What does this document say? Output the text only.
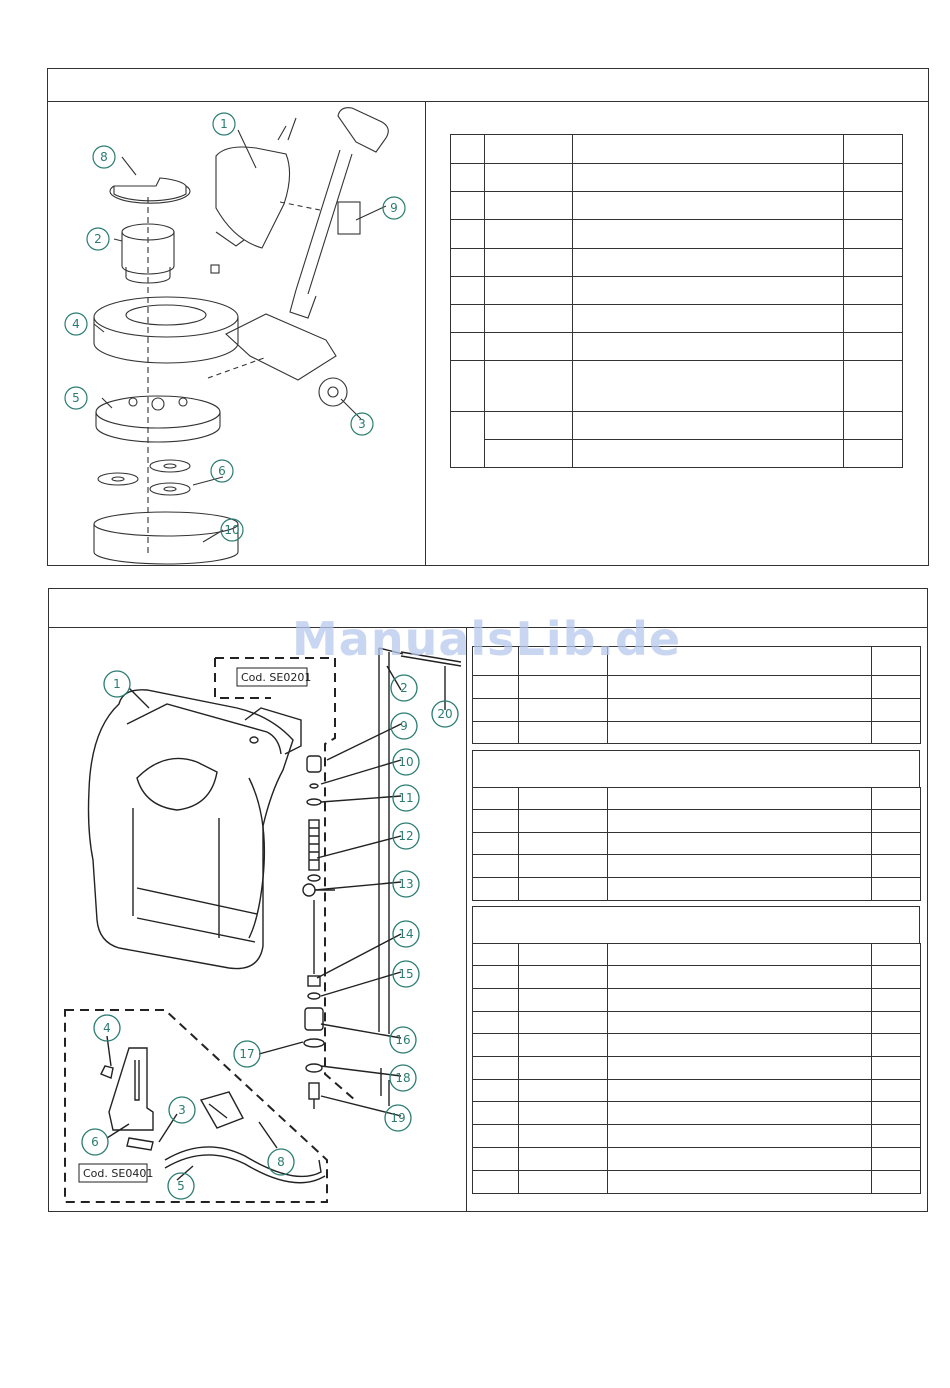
1
8
2
4
5
6
10
9
3

1	2
20
9
10
11
12
13
14
15
16
17
18
19
4
6
3
8
5
Cod. SE0201
Cod. SE0401

ManualsLib.de
